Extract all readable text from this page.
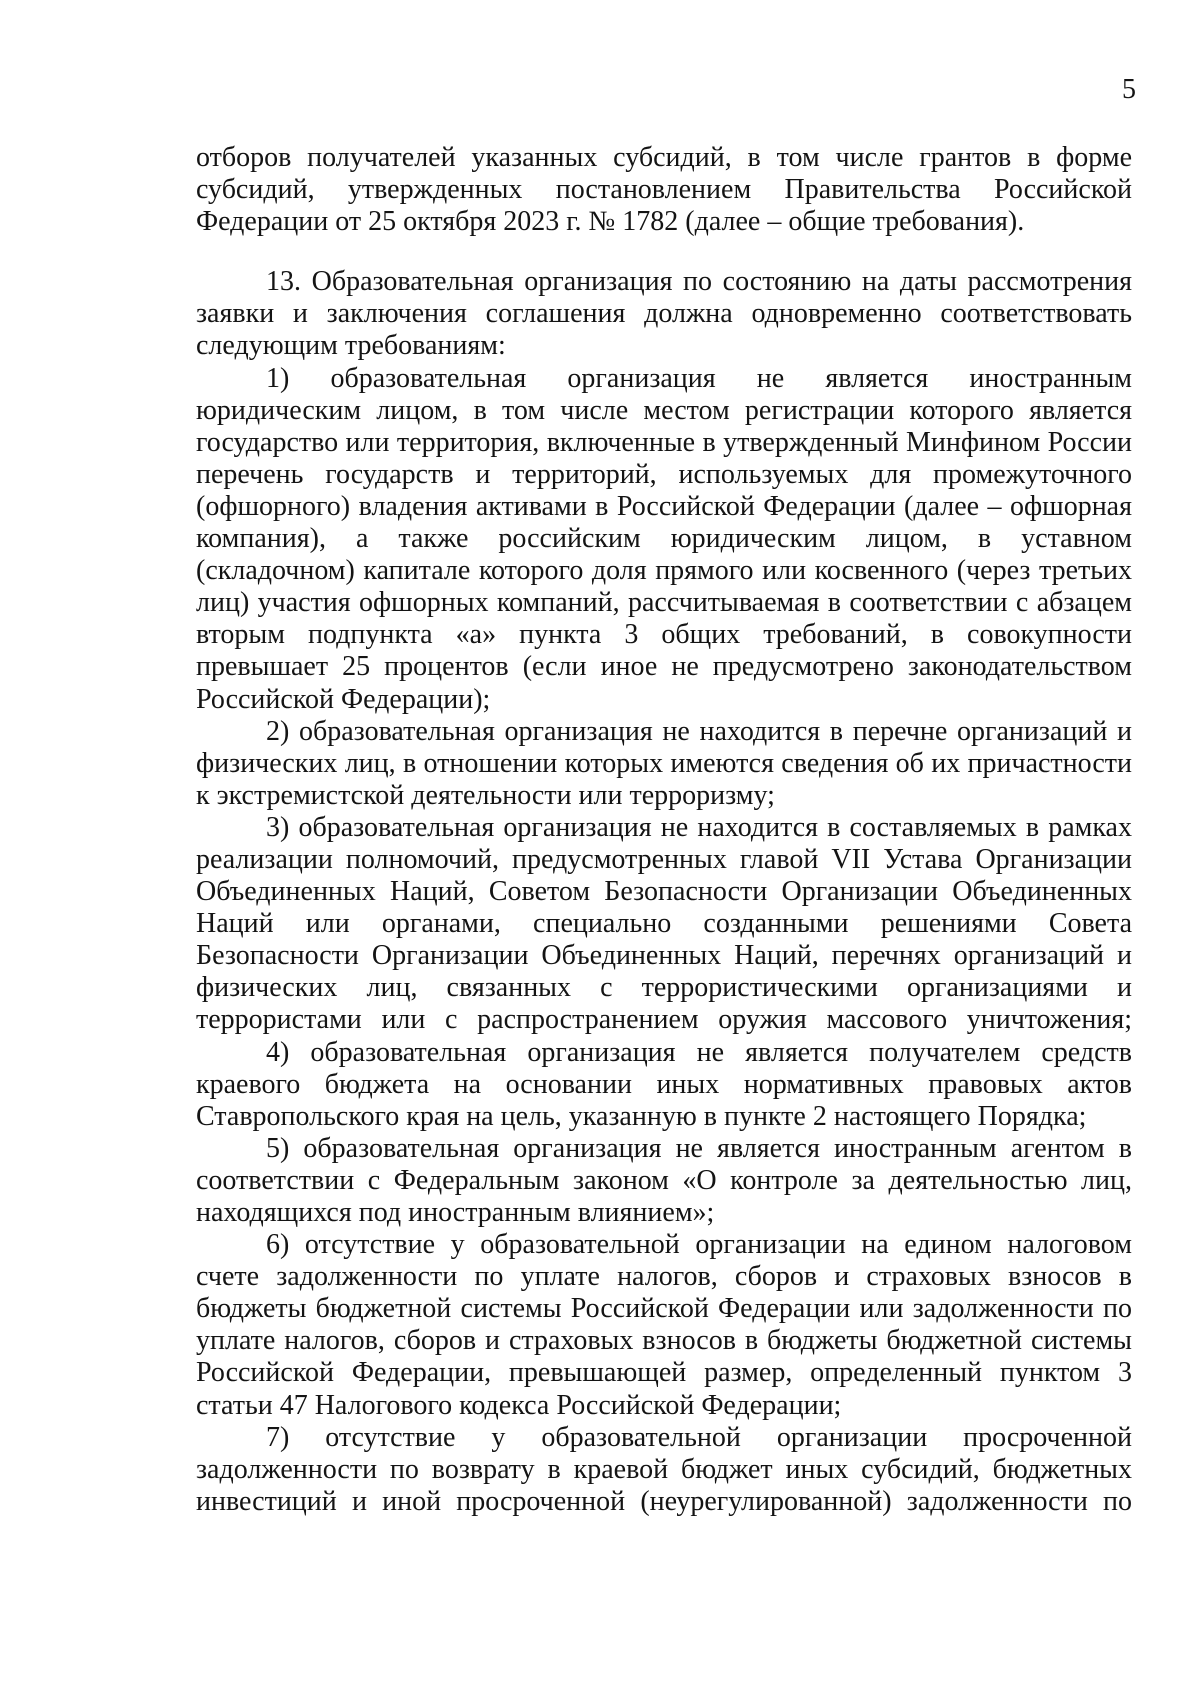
5

отборов получателей указанных субсидий, в том числе грантов в форме субсидий, утвержденных постановлением Правительства Российской Федерации от 25 октября 2023 г. № 1782 (далее – общие требования).

13. Образовательная организация по состоянию на даты рассмотрения заявки и заключения соглашения должна одновременно соответствовать следующим требованиям:

1) образовательная организация не является иностранным юридическим лицом, в том числе местом регистрации которого является государство или территория, включенные в утвержденный Минфином России перечень государств и территорий, используемых для промежуточного (офшорного) владения активами в Российской Федерации (далее – офшорная компания), а также российским юридическим лицом, в уставном (складочном) капитале которого доля прямого или косвенного (через третьих лиц) участия офшорных компаний, рассчитываемая в соответствии с абзацем вторым подпункта «а» пункта 3 общих требований, в совокупности превышает 25 процентов (если иное не предусмотрено законодательством Российской Федерации);

2) образовательная организация не находится в перечне организаций и физических лиц, в отношении которых имеются сведения об их причастности к экстремистской деятельности или терроризму;

3) образовательная организация не находится в составляемых в рамках реализации полномочий, предусмотренных главой VII Устава Организации Объединенных Наций, Советом Безопасности Организации Объединенных Наций или органами, специально созданными решениями Совета Безопасности Организации Объединенных Наций, перечнях организаций и физических лиц, связанных с террористическими организациями и террористами или с распространением оружия массового уничтожения;

4) образовательная организация не является получателем средств краевого бюджета на основании иных нормативных правовых актов Ставропольского края на цель, указанную в пункте 2 настоящего Порядка;

5) образовательная организация не является иностранным агентом в соответствии с Федеральным законом «О контроле за деятельностью лиц, находящихся под иностранным влиянием»;

6) отсутствие у образовательной организации на едином налоговом счете задолженности по уплате налогов, сборов и страховых взносов в бюджеты бюджетной системы Российской Федерации или задолженности по уплате налогов, сборов и страховых взносов в бюджеты бюджетной системы Российской Федерации, превышающей размер, определенный пунктом 3 статьи 47 Налогового кодекса Российской Федерации;

7) отсутствие у образовательной организации просроченной задолженности по возврату в краевой бюджет иных субсидий, бюджетных инвестиций и иной просроченной (неурегулированной) задолженности по
